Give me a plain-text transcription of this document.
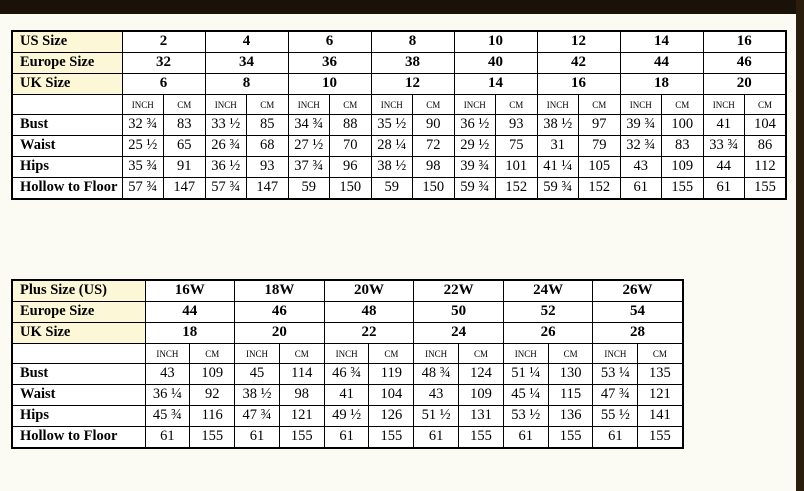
US Size	2		4		6		8		10		12		14		16	
Europe Size	32		34		36		38		40		42		44		46	
UK Size	6		8		10		12		14		16		18		20	
	inch	cm	inch	cm	inch	cm	inch	cm	inch	cm	inch	cm	inch	cm	inch	cm
Bust	32 ¾	83	33 ½	85	34 ¾	88	35 ½	90	36 ½	93	38 ½	97	39 ¾	100	41	104
Waist	25 ½	65	26 ¾	68	27 ½	70	28 ¼	72	29 ½	75	31	79	32 ¾	83	33 ¾	86
Hips	35 ¾	91	36 ½	93	37 ¾	96	38 ½	98	39 ¾	101	41 ¼	105	43	109	44	112
Hollow to Floor	57 ¾	147	57 ¾	147	59	150	59	150	59 ¾	152	59 ¾	152	61	155	61	155
Plus Size (US)	16W		18W		20W		22W		24W		26W	
Europe Size	44		46		48		50		52		54	
UK Size	18		20		22		24		26		28	
	inch	cm	inch	cm	inch	cm	inch	cm	inch	cm	inch	cm
Bust	43	109	45	114	46 ¾	119	48 ¾	124	51 ¼	130	53 ¼	135
Waist	36 ¼	92	38 ½	98	41	104	43	109	45 ¼	115	47 ¾	121
Hips	45 ¾	116	47 ¾	121	49 ½	126	51 ½	131	53 ½	136	55 ½	141
Hollow to Floor	61	155	61	155	61	155	61	155	61	155	61	155
